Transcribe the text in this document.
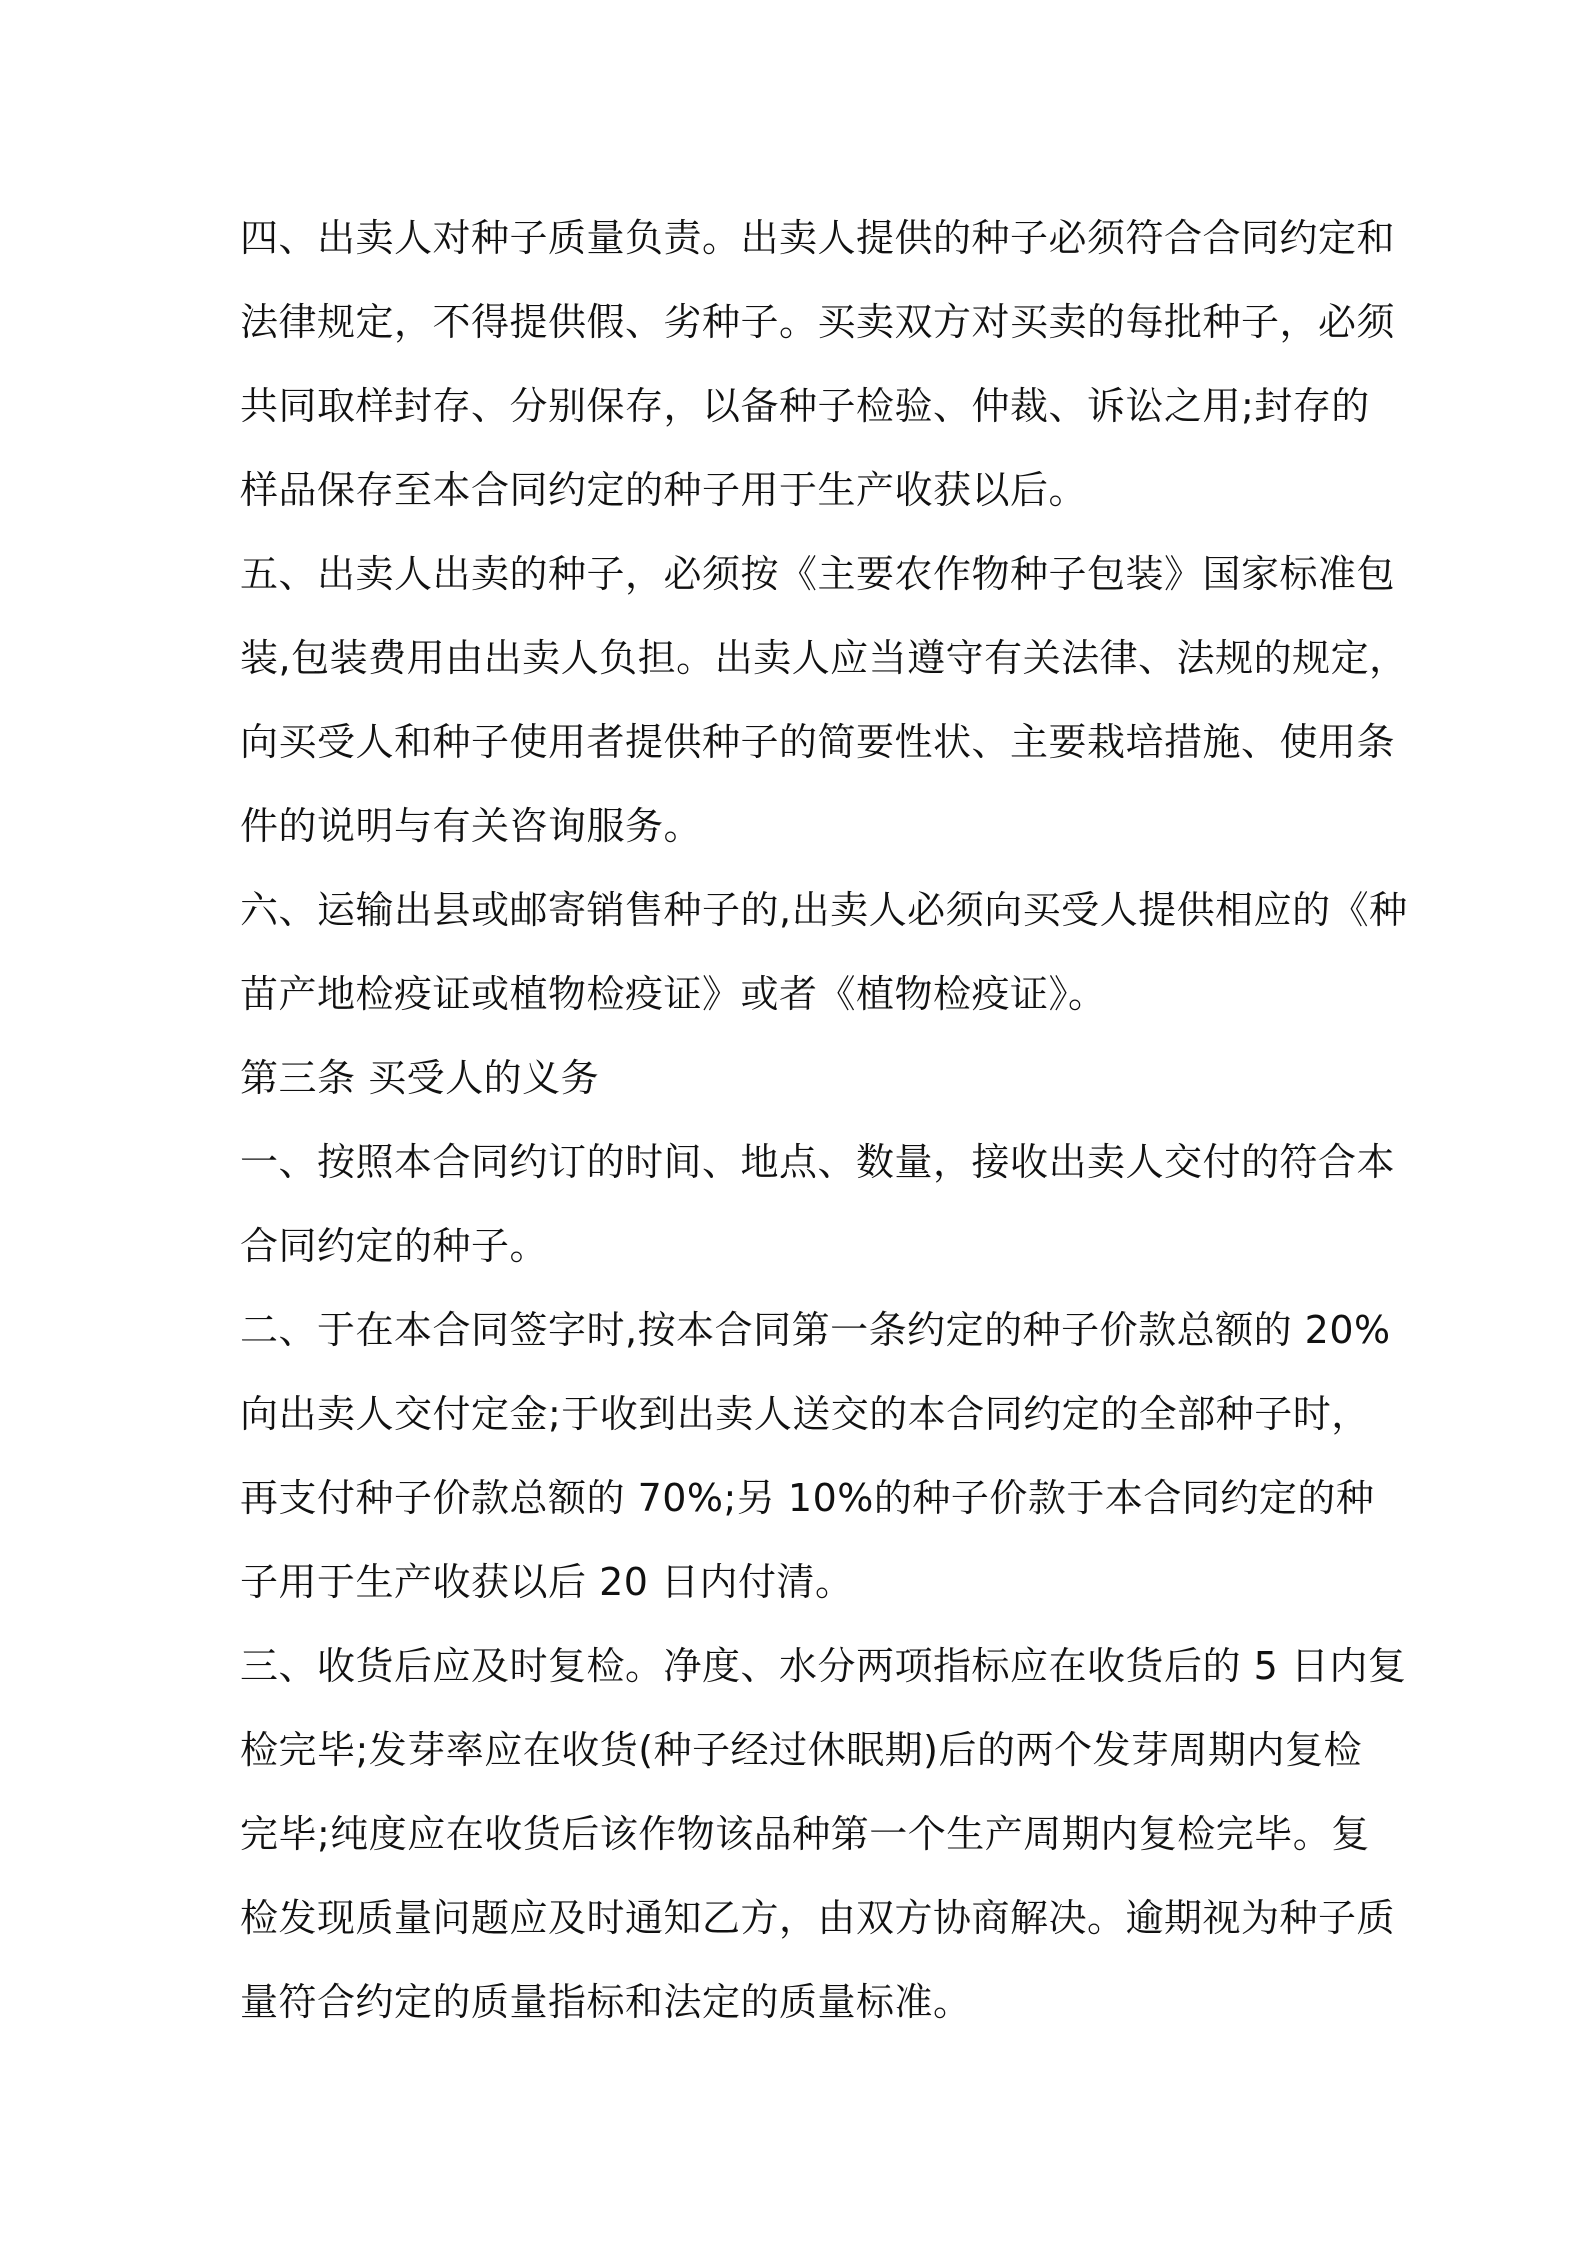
四、出卖人对种子质量负责。出卖人提供的种子必须符合合同约定和
法律规定，不得提供假、劣种子。买卖双方对买卖的每批种子，必须
共同取样封存、分别保存，以备种子检验、仲裁、诉讼之用;封存的
样品保存至本合同约定的种子用于生产收获以后。
五、出卖人出卖的种子，必须按《主要农作物种子包装》国家标准包
装,包装费用由出卖人负担。出卖人应当遵守有关法律、法规的规定，
向买受人和种子使用者提供种子的简要性状、主要栽培措施、使用条
件的说明与有关咨询服务。
六、运输出县或邮寄销售种子的,出卖人必须向买受人提供相应的《种
苗产地检疫证或植物检疫证》或者《植物检疫证》。
第三条 买受人的义务
一、按照本合同约订的时间、地点、数量，接收出卖人交付的符合本
合同约定的种子。
二、于在本合同签字时,按本合同第一条约定的种子价款总额的 20%
向出卖人交付定金;于收到出卖人送交的本合同约定的全部种子时，
再支付种子价款总额的 70%;另 10%的种子价款于本合同约定的种
子用于生产收获以后 20 日内付清。
三、收货后应及时复检。净度、水分两项指标应在收货后的 5 日内复
检完毕;发芽率应在收货(种子经过休眠期)后的两个发芽周期内复检
完毕;纯度应在收货后该作物该品种第一个生产周期内复检完毕。复
检发现质量问题应及时通知乙方，由双方协商解决。逾期视为种子质
量符合约定的质量指标和法定的质量标准。
